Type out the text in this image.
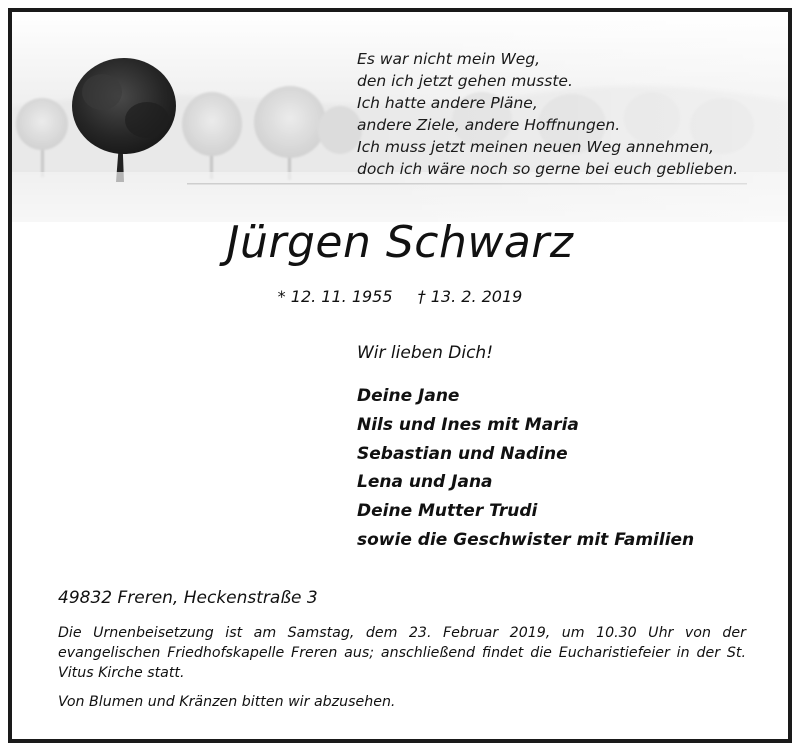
Es war nicht mein Weg,
den ich jetzt gehen musste.
Ich hatte andere Pläne,
andere Ziele, andere Hoffnungen.
Ich muss jetzt meinen neuen Weg annehmen,
doch ich wäre noch so gerne bei euch geblieben.
Jürgen Schwarz
* 12. 11. 1955 † 13. 2. 2019
Wir lieben Dich!
Deine Jane
Nils und Ines mit Maria
Sebastian und Nadine
Lena und Jana
Deine Mutter Trudi
sowie die Geschwister mit Familien
49832 Freren, Heckenstraße 3
Die Urnenbeisetzung ist am Samstag, dem 23. Februar 2019, um 10.30 Uhr von der evangelischen Friedhofskapelle Freren aus; anschließend findet die Eucharistiefeier in der St. Vitus Kirche statt.
Von Blumen und Kränzen bitten wir abzusehen.
